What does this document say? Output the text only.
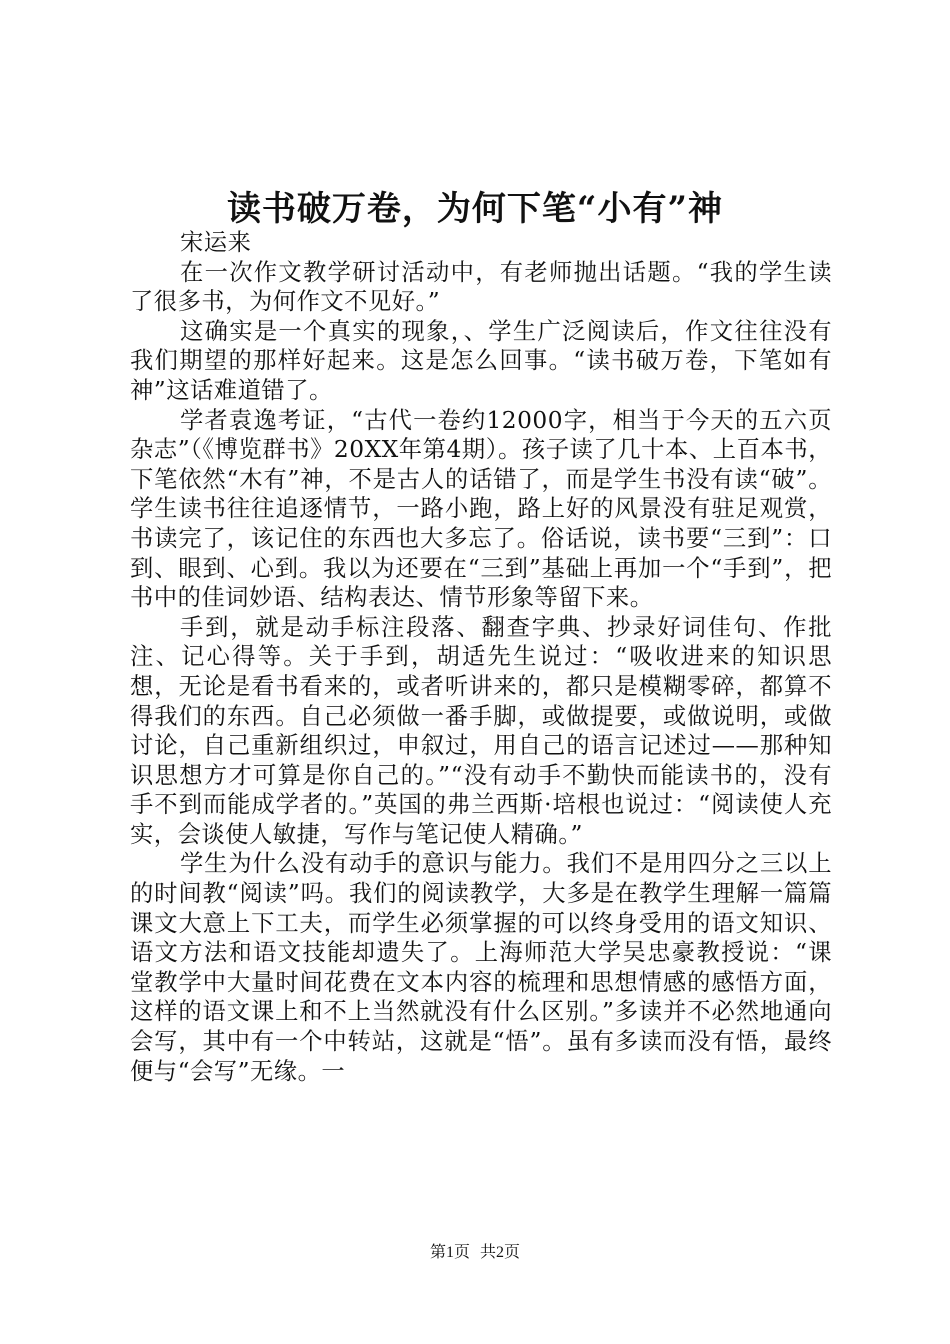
读书破万卷，为何下笔“小有”神

宋运来

在一次作文教学研讨活动中，有老师抛出话题。“我的学生读了很多书，为何作文不见好。”

这确实是一个真实的现象，、学生广泛阅读后，作文往往没有我们期望的那样好起来。这是怎么回事。“读书破万卷，下笔如有神”这话难道错了。

学者袁逸考证，“古代一卷约12000字，相当于今天的五六页杂志”（《博览群书》20XX年第4期）。孩子读了几十本、上百本书，下笔依然“木有”神，不是古人的话错了，而是学生书没有读“破”。学生读书往往追逐情节，一路小跑，路上好的风景没有驻足观赏，书读完了，该记住的东西也大多忘了。俗话说，读书要“三到”：口到、眼到、心到。我以为还要在“三到”基础上再加一个“手到”，把书中的佳词妙语、结构表达、情节形象等留下来。

手到，就是动手标注段落、翻查字典、抄录好词佳句、作批注、记心得等。关于手到，胡适先生说过：“吸收进来的知识思想，无论是看书看来的，或者听讲来的，都只是模糊零碎，都算不得我们的东西。自己必须做一番手脚，或做提要，或做说明，或做讨论，自己重新组织过，申叙过，用自己的语言记述过——那种知识思想方才可算是你自己的。”“没有动手不勤快而能读书的，没有手不到而能成学者的。”英国的弗兰西斯·培根也说过：“阅读使人充实，会谈使人敏捷，写作与笔记使人精确。”

学生为什么没有动手的意识与能力。我们不是用四分之三以上的时间教“阅读”吗。我们的阅读教学，大多是在教学生理解一篇篇课文大意上下工夫，而学生必须掌握的可以终身受用的语文知识、语文方法和语文技能却遗失了。上海师范大学吴忠豪教授说：“课堂教学中大量时间花费在文本内容的梳理和思想情感的感悟方面，这样的语文课上和不上当然就没有什么区别。”多读并不必然地通向会写，其中有一个中转站，这就是“悟”。虽有多读而没有悟，最终便与“会写”无缘。一

第1页 共2页
